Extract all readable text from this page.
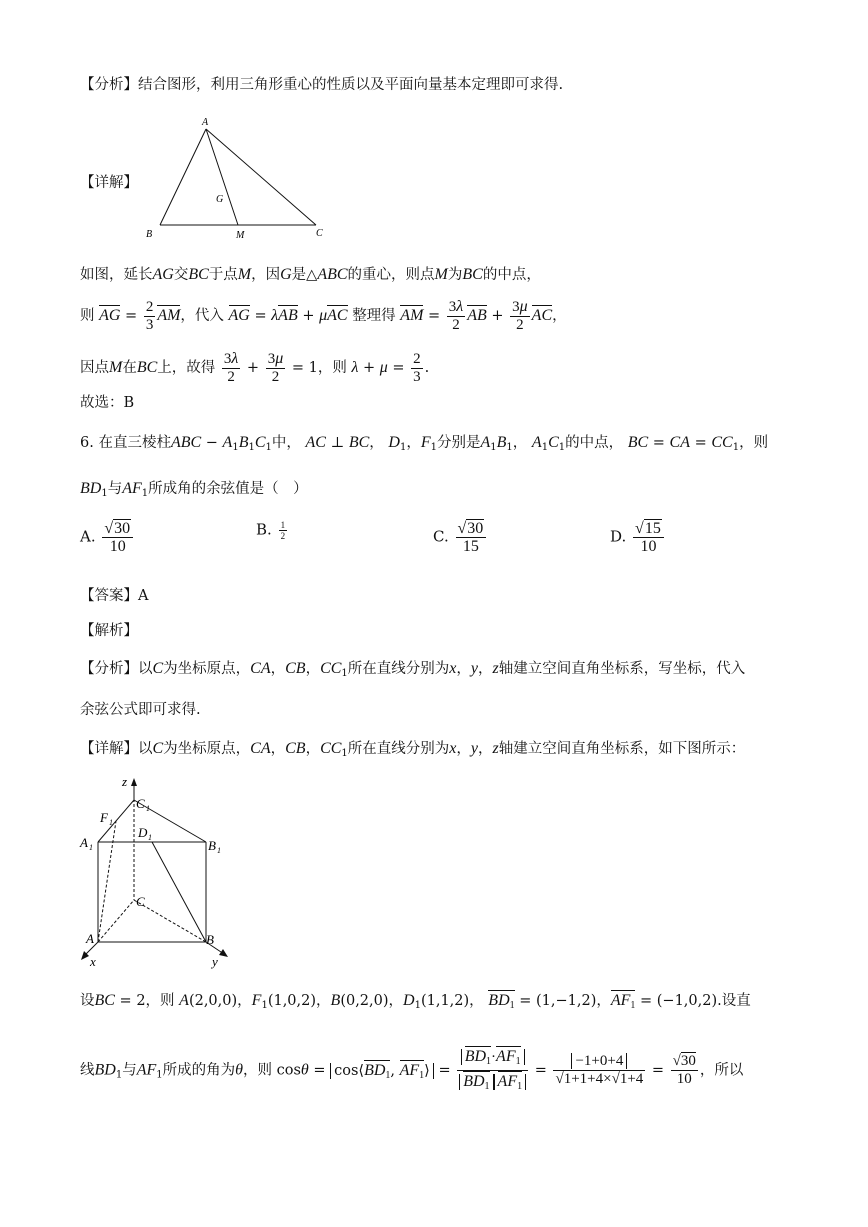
【分析】结合图形，利用三角形重心的性质以及平面向量基本定理即可求得.
【详解】
A
B	C
G
M
如图，延长AG交BC于点M，因G是△ABC的重心，则点M为BC的中点，
则 AG = $\frac{2}{3}$ AM，代入 AG = λAB + μAC 整理得 AM = $\frac{3\lambda}{2}$ AB + $\frac{3\mu}{2}$ AC，
因点M在BC上，故得 $\frac{3\lambda}{2} + \frac{3\mu}{2} = 1$，则 $\lambda + \mu = \frac{2}{3}$ .
故选：B
6. 在直三棱柱ABC − $A_1B_1C_1$中， AC ⊥ BC， $D_1$，$F_1$分别是$A_1B_1$， $A_1C_1$的中点， BC = CA = $CC_1$，则
$BD_1$与$AF_1$所成角的余弦值是（　）
A. $\frac{√30}{10}$	B. $\frac{1}{2}$	C. $\frac{√30}{15}$	D. $\frac{√15}{10}$
【答案】A
【解析】
【分析】以C为坐标原点，CA，CB，$CC_1$所在直线分别为x，y，z轴建立空间直角坐标系，写坐标，代入
余弦公式即可求得.
【详解】以C为坐标原点，CA，CB，$CC_1$所在直线分别为x，y，z轴建立空间直角坐标系，如下图所示：
z
C 1
F 1
A 1
D 1
B 1
C
A	B
x	y
设BC = 2，则 A(2,0,0)，$F_1(1,0,2)$，B(0,2,0)，$D_1(1,1,2)$， $BD_1 = (1,-1,2)$，$AF_1 = (-1,0,2)$.设直
线$BD_1$与$AF_1$所成的角为θ，则 $\cos\theta = \cos⟨BD_1$, $AF_1⟩ = \frac{BD_1\cdot AF_1}{BD_1 AF_1} = \frac{-1+0+4}{√1+1+4\times√1+4} = \frac{√30}{10}$ ，所以
